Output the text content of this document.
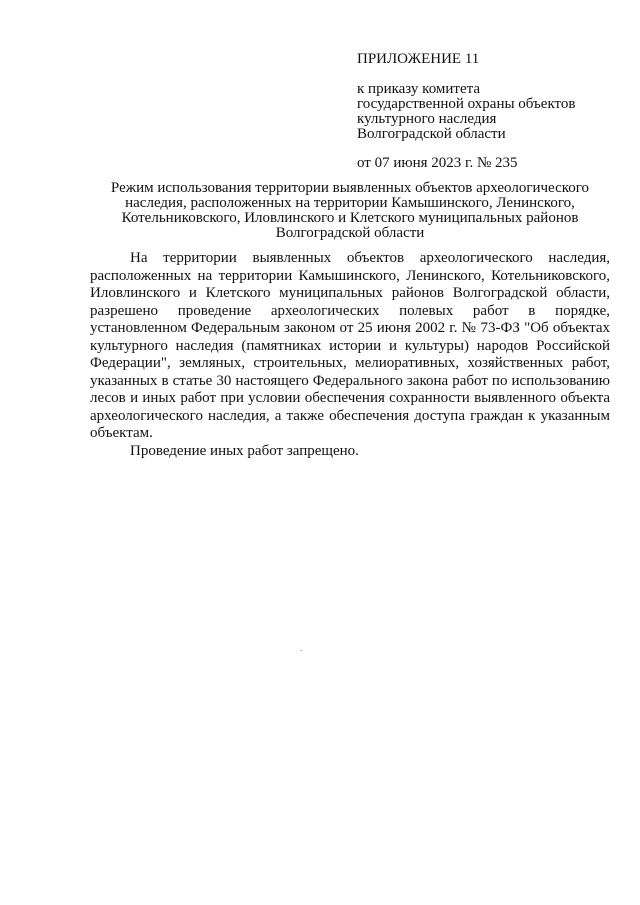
ПРИЛОЖЕНИЕ 11
к приказу комитета
государственной охраны объектов
культурного наследия
Волгоградской области
от 07 июня 2023 г. № 235
Режим использования территории выявленных объектов археологического
наследия, расположенных на территории Камышинского, Ленинского,
Котельниковского, Иловлинского и Клетского муниципальных районов
Волгоградской области

На территории выявленных объектов археологического наследия, расположенных на территории Камышинского, Ленинского, Котельниковского, Иловлинского и Клетского муниципальных районов Волгоградской области, разрешено проведение археологических полевых работ в порядке, установленном Федеральным законом от 25 июня 2002 г. № 73-ФЗ "Об объектах культурного наследия (памятниках истории и культуры) народов Российской Федерации", земляных, строительных, мелиоративных, хозяйственных работ, указанных в статье 30 настоящего Федерального закона работ по использованию лесов и иных работ при условии обеспечения сохранности выявленного объекта археологического наследия, а также обеспечения доступа граждан к указанным объектам.

Проведение иных работ запрещено.
